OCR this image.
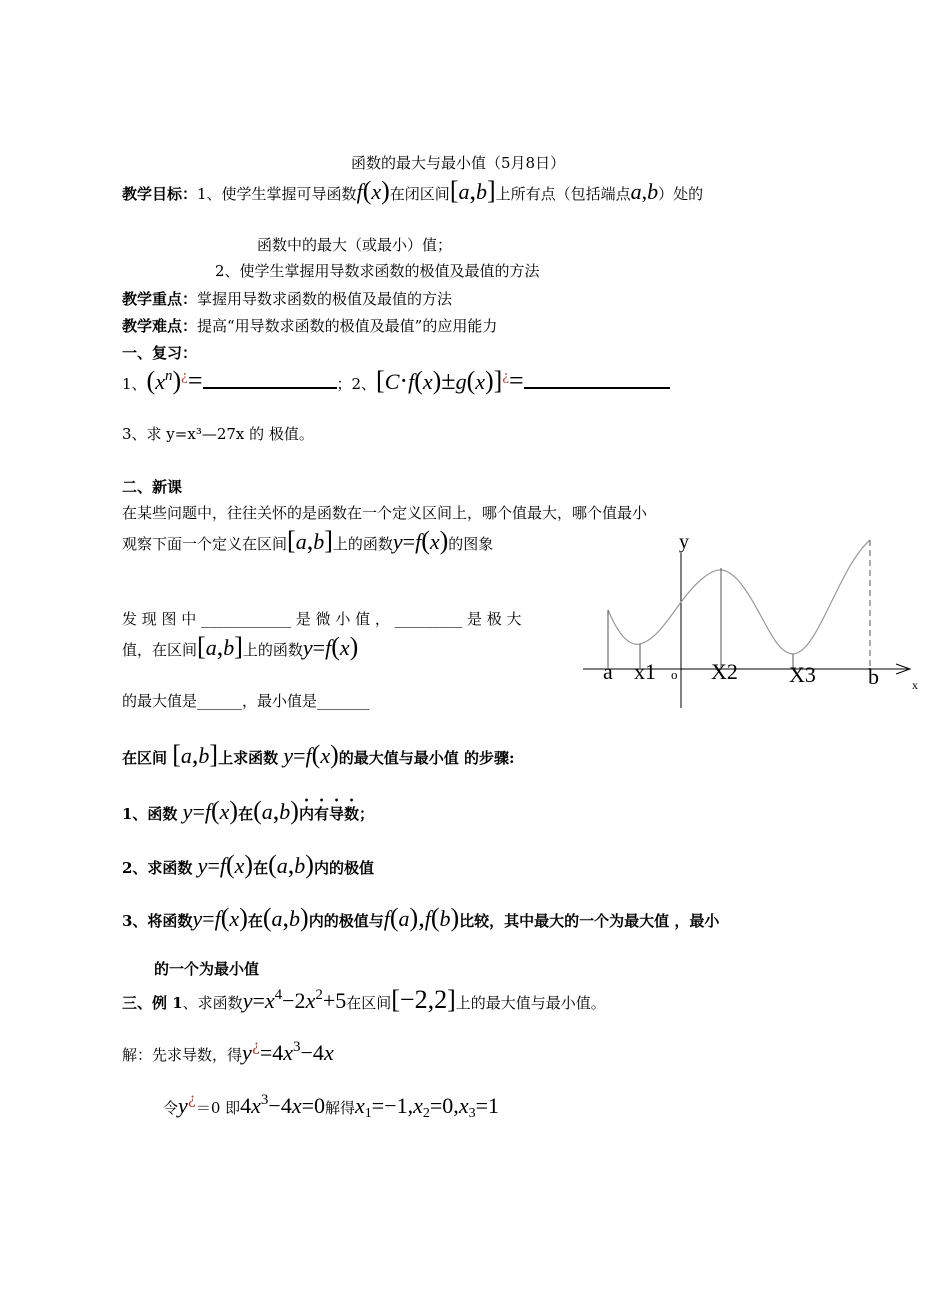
函数的最大与最小值（5月8日）
教学目标：1、使学生掌握可导函数f(x)在闭区间[a,b]上所有点（包括端点a,b）处的
函数中的最大（或最小）值；
2、使学生掌握用导数求函数的极值及最值的方法
教学重点：掌握用导数求函数的极值及最值的方法
教学难点：提高“用导数求函数的极值及最值”的应用能力
一、复习：
1、$(x^n)^¿=$	；2、[C·f(x)±g(x)]¿=
3、求 y=x³—27x 的 极值。
二、新课
在某些问题中，往往关怀的是函数在一个定义区间上，哪个值最大，哪个值最小
观察下面一个定义在区间[a,b]上的函数y=f(x)的图象
发 现 图 中 ____________ 是 微 小 值 ， _________ 是 极 大
值，在区间[a,b]上的函数y=f(x)
的最大值是______，最小值是_______
y
a x1 o X2 X3 b	x
在区间 [a,b]上求函数 y=f(x)的最大值与最小值 的步骤:
1、函数 y=f(x)在(a,b)内有导数；
2、求函数 y=f(x)在(a,b)内的极值
3、将函数y=f(x)在(a,b)内的极值与f(a),f(b)比较，其中最大的一个为最大值 ，最小
的一个为最小值
三、例 1、求函数y=x4−2x2+5在区间[−2,2]上的最大值与最小值。
解：先求导数，得y¿=4x3−4x
令y¿＝0 即4x3−4x=0解得x1=−1,x2=0,x3=1
